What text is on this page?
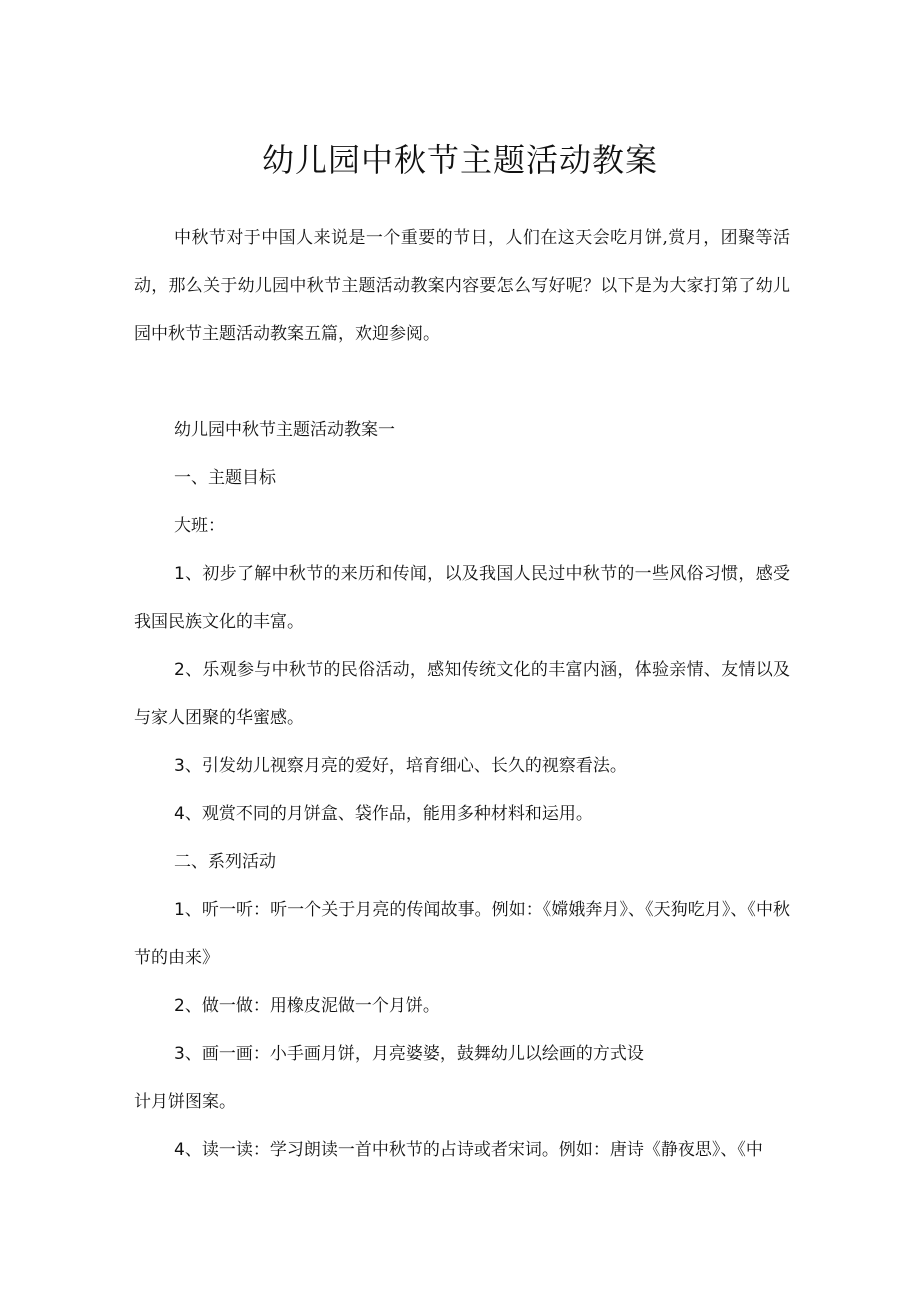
幼儿园中秋节主题活动教案

中秋节对于中国人来说是一个重要的节日，人们在这天会吃月饼,赏月，团聚等活动，那么关于幼儿园中秋节主题活动教案内容要怎么写好呢？以下是为大家打第了幼儿园中秋节主题活动教案五篇，欢迎参阅。

幼儿园中秋节主题活动教案一

一、主题目标

大班：

1、初步了解中秋节的来历和传闻，以及我国人民过中秋节的一些风俗习惯，感受我国民族文化的丰富。

2、乐观参与中秋节的民俗活动，感知传统文化的丰富内涵，体验亲情、友情以及与家人团聚的华蜜感。

3、引发幼儿视察月亮的爱好，培育细心、长久的视察看法。

4、观赏不同的月饼盒、袋作品，能用多种材料和运用。

二、系列活动

1、听一听：听一个关于月亮的传闻故事。例如：《嫦娥奔月》、《天狗吃月》、《中秋节的由来》

2、做一做：用橡皮泥做一个月饼。

3、画一画：小手画月饼，月亮婆婆，鼓舞幼儿以绘画的方式设

计月饼图案。

4、读一读：学习朗读一首中秋节的占诗或者宋词。例如：唐诗《静夜思》、《中
